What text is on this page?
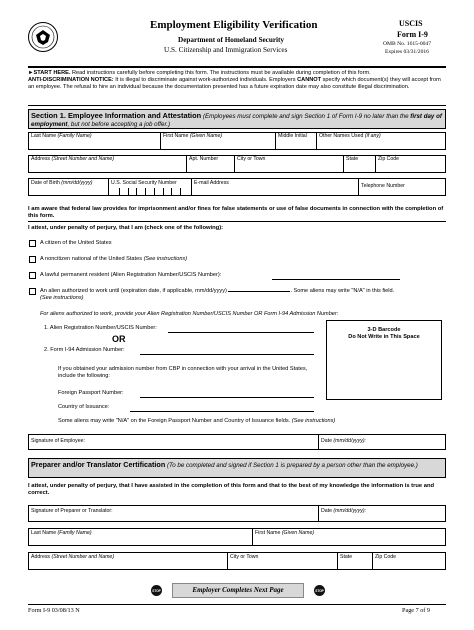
Employment Eligibility Verification
Department of Homeland Security
U.S. Citizenship and Immigration Services
USCIS
Form I-9
OMB No. 1615-0047
Expires 03/31/2016
►START HERE. Read instructions carefully before completing this form. The instructions must be available during completion of this form.
ANTI-DISCRIMINATION NOTICE: It is illegal to discriminate against work-authorized individuals. Employers CANNOT specify which document(s) they will accept from an employee. The refusal to hire an individual because the documentation presented has a future expiration date may also constitute illegal discrimination.
Section 1. Employee Information and Attestation (Employees must complete and sign Section 1 of Form I-9 no later than the first day of employment, but not before accepting a job offer.)
Last Name (Family Name)	First Name (Given Name)	Middle Initial Other Names Used (if any)
Address (Street Number and Name)	Apt. Number	City or Town	State	Zip Code
Date of Birth (mm/dd/yyyy)	U.S. Social Security Number	E-mail Address	Telephone Number
I am aware that federal law provides for imprisonment and/or fines for false statements or use of false documents in connection with the completion of this form.
I attest, under penalty of perjury, that I am (check one of the following):
A citizen of the United States
A noncitizen national of the United States (See instructions)
A lawful permanent resident (Alien Registration Number/USCIS Number):
An alien authorized to work until (expiration date, if applicable, mm/dd/yyyy)	. Some aliens may write "N/A" in this field.
(See instructions)
For aliens authorized to work, provide your Alien Registration Number/USCIS Number OR Form I-94 Admission Number:
1. Alien Registration Number/USCIS Number:
OR
2. Form I-94 Admission Number:
3-D Barcode
Do Not Write in This Space
If you obtained your admission number from CBP in connection with your arrival in the United States, include the following:
Foreign Passport Number:
Country of Issuance:
Some aliens may write "N/A" on the Foreign Passport Number and Country of Issuance fields. (See instructions)
Signature of Employee:	Date (mm/dd/yyyy):
Preparer and/or Translator Certification (To be completed and signed if Section 1 is prepared by a person other than the employee.)
I attest, under penalty of perjury, that I have assisted in the completion of this form and that to the best of my knowledge the information is true and correct.
Signature of Preparer or Translator:	Date (mm/dd/yyyy):
Last Name (Family Name)	First Name (Given Name)
Address (Street Number and Name)	City or Town	State	Zip Code
STOP	Employer Completes Next Page	STOP
Form I-9 03/08/13 N	Page 7 of 9
